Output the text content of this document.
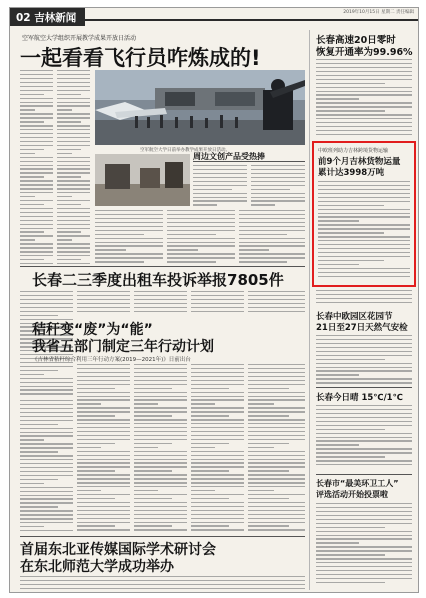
02 吉林新闻	2019年10月15日 星期二 责任编辑
空军航空大学组织开展教学成果开放日活动
一起看看飞行员咋炼成的!
空军航空大学日前举办教学成果开放日活动。
周边文创产品受热捧
长春二三季度出租车投诉举报7805件
秸秆变“废”为“能”
我省五部门制定三年行动计划
《吉林省秸秆综合利用三年行动方案(2019—2021年)》日前出台
首届东北亚传媒国际学术研讨会
在东北师范大学成功举办
长春高速20日零时
恢复开通率为99.96%
中欧班列助力吉林跨境货物运输
前9个月吉林货物运量
累计达3998万吨
长春中欧园区花园节
21日至27日天然气安检
长春今日晴 15℃/1℃
长春市“最美环卫工人”
评选活动开始投票啦
